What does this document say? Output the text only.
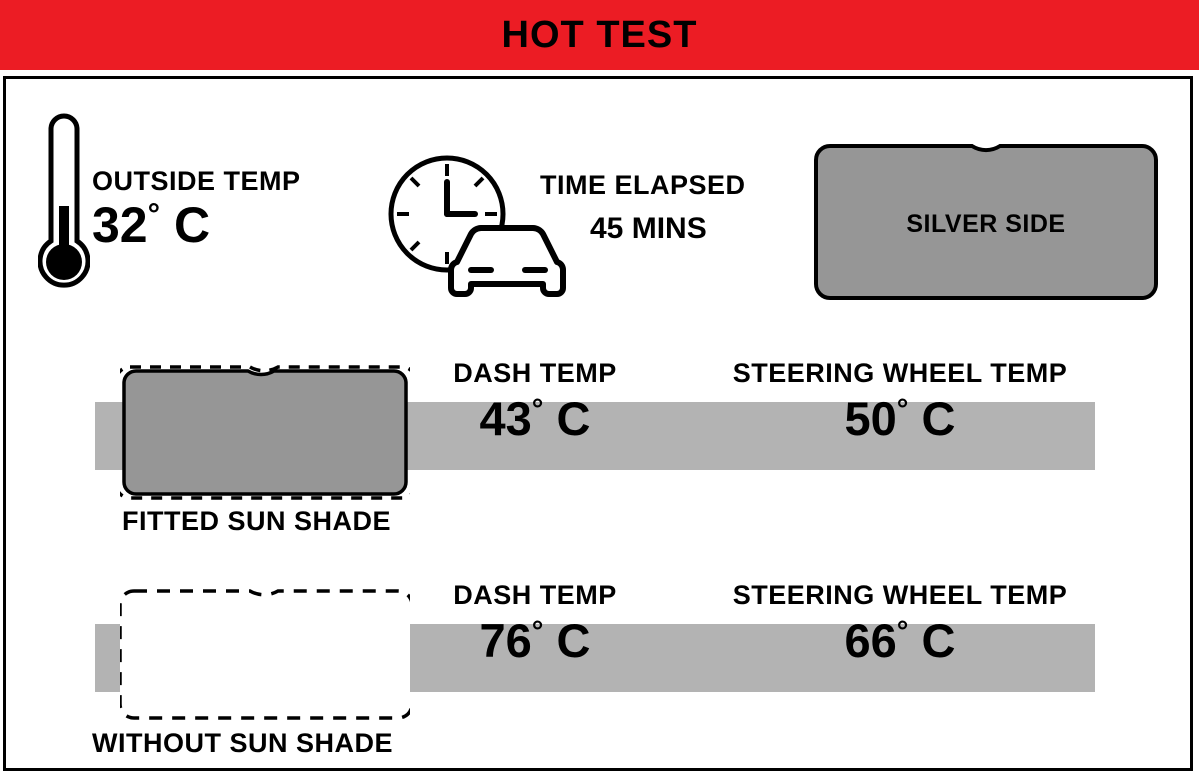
HOT TEST
OUTSIDE TEMP
32° C
TIME ELAPSED
45 MINS	SILVER SIDE
FITTED SUN SHADE
DASH TEMP
43° C
STEERING WHEEL TEMP
50° C
WITHOUT SUN SHADE
DASH TEMP
76° C
STEERING WHEEL TEMP
66° C
